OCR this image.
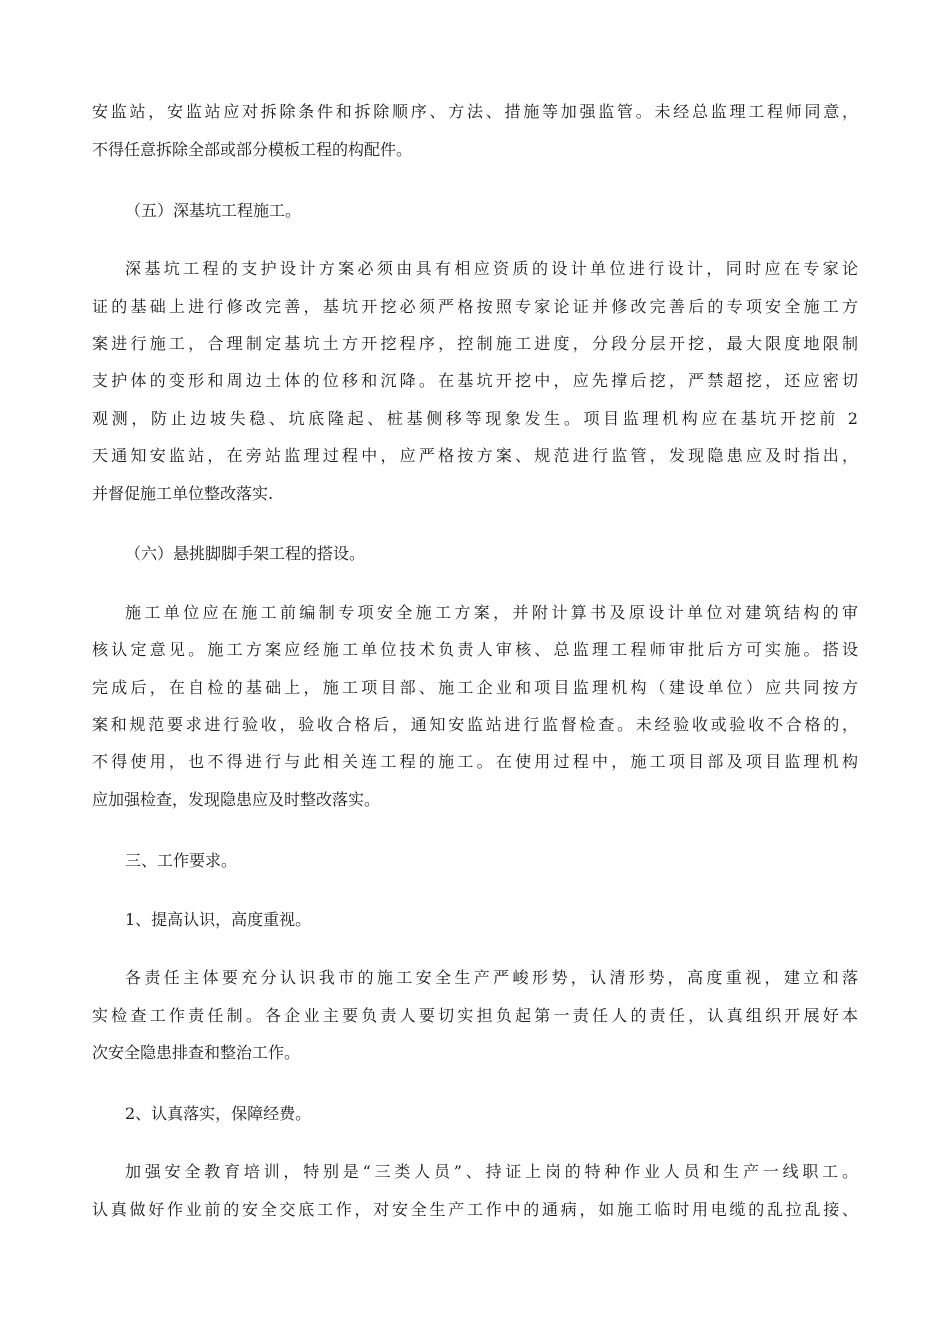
安监站，安监站应对拆除条件和拆除顺序、方法、措施等加强监管。未经总监理工程师同意，
不得任意拆除全部或部分模板工程的构配件。
（五）深基坑工程施工。
深基坑工程的支护设计方案必须由具有相应资质的设计单位进行设计，同时应在专家论
证的基础上进行修改完善，基坑开挖必须严格按照专家论证并修改完善后的专项安全施工方
案进行施工，合理制定基坑土方开挖程序，控制施工进度，分段分层开挖，最大限度地限制
支护体的变形和周边土体的位移和沉降。在基坑开挖中，应先撑后挖，严禁超挖，还应密切
观测，防止边坡失稳、坑底隆起、桩基侧移等现象发生。项目监理机构应在基坑开挖前 2
天通知安监站，在旁站监理过程中，应严格按方案、规范进行监管，发现隐患应及时指出，
并督促施工单位整改落实.
（六）悬挑脚脚手架工程的搭设。
施工单位应在施工前编制专项安全施工方案，并附计算书及原设计单位对建筑结构的审
核认定意见。施工方案应经施工单位技术负责人审核、总监理工程师审批后方可实施。搭设
完成后，在自检的基础上，施工项目部、施工企业和项目监理机构（建设单位）应共同按方
案和规范要求进行验收，验收合格后，通知安监站进行监督检查。未经验收或验收不合格的，
不得使用，也不得进行与此相关连工程的施工。在使用过程中，施工项目部及项目监理机构
应加强检查，发现隐患应及时整改落实。
三、工作要求。
1、提高认识，高度重视。
各责任主体要充分认识我市的施工安全生产严峻形势，认清形势，高度重视，建立和落
实检查工作责任制。各企业主要负责人要切实担负起第一责任人的责任，认真组织开展好本
次安全隐患排查和整治工作。
2、认真落实，保障经费。
加强安全教育培训，特别是“三类人员”、持证上岗的特种作业人员和生产一线职工。
认真做好作业前的安全交底工作，对安全生产工作中的通病，如施工临时用电缆的乱拉乱接、
